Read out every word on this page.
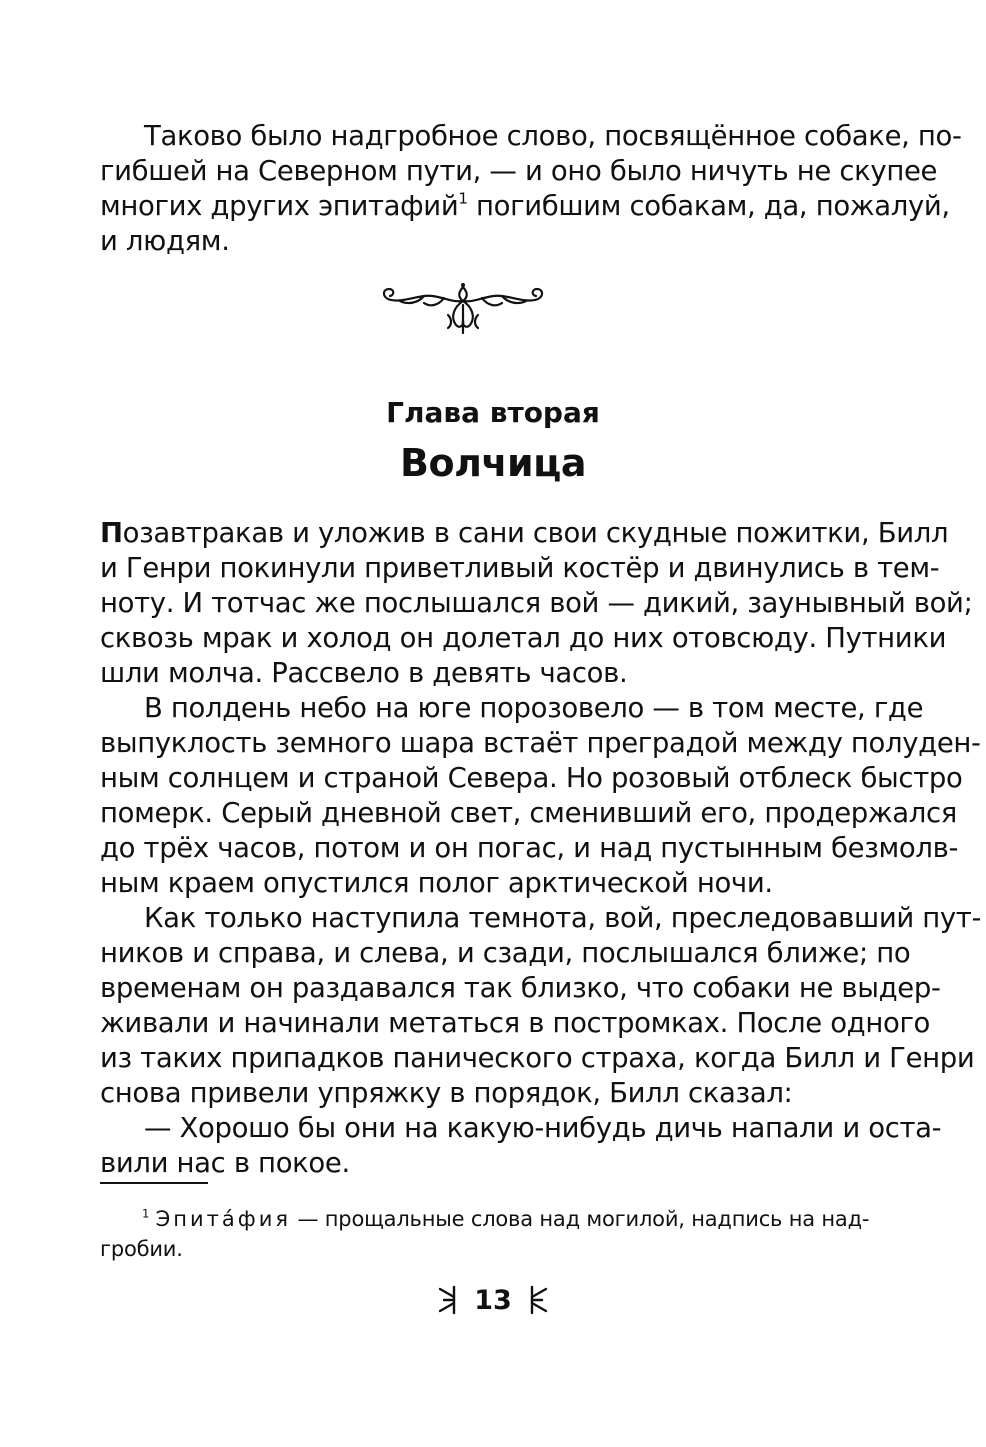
Таково было надгробное слово, посвящённое собаке, по-
гибшей на Северном пути, — и оно было ничуть не скупее
многих других эпитафий$^1$ погибшим собакам, да, пожалуй,
и людям.
Глава вторая
Волчица
Позавтракав и уложив в сани свои скудные пожитки, Билл
и Генри покинули приветливый костёр и двинулись в тем-
ноту. И тотчас же послышался вой — дикий, заунывный вой;
сквозь мрак и холод он долетал до них отовсюду. Путники
шли молча. Рассвело в девять часов.
В полдень небо на юге порозовело — в том месте, где
выпуклость земного шара встаёт преградой между полуден-
ным солнцем и страной Севера. Но розовый отблеск быстро
померк. Серый дневной свет, сменивший его, продержался
до трёх часов, потом и он погас, и над пустынным безмолв-
ным краем опустился полог арктической ночи.
Как только наступила темнота, вой, преследовавший пут-
ников и справа, и слева, и сзади, послышался ближе; по
временам он раздавался так близко, что собаки не выдер-
живали и начинали метаться в постромках. После одного
из таких припадков панического страха, когда Билл и Генри
снова привели упряжку в порядок, Билл сказал:
— Хорошо бы они на какую-нибудь дичь напали и оста-
вили нас в покое.
$^1$ Эпита́фия — прощальные слова над могилой, надпись на над-
гробии.
13
